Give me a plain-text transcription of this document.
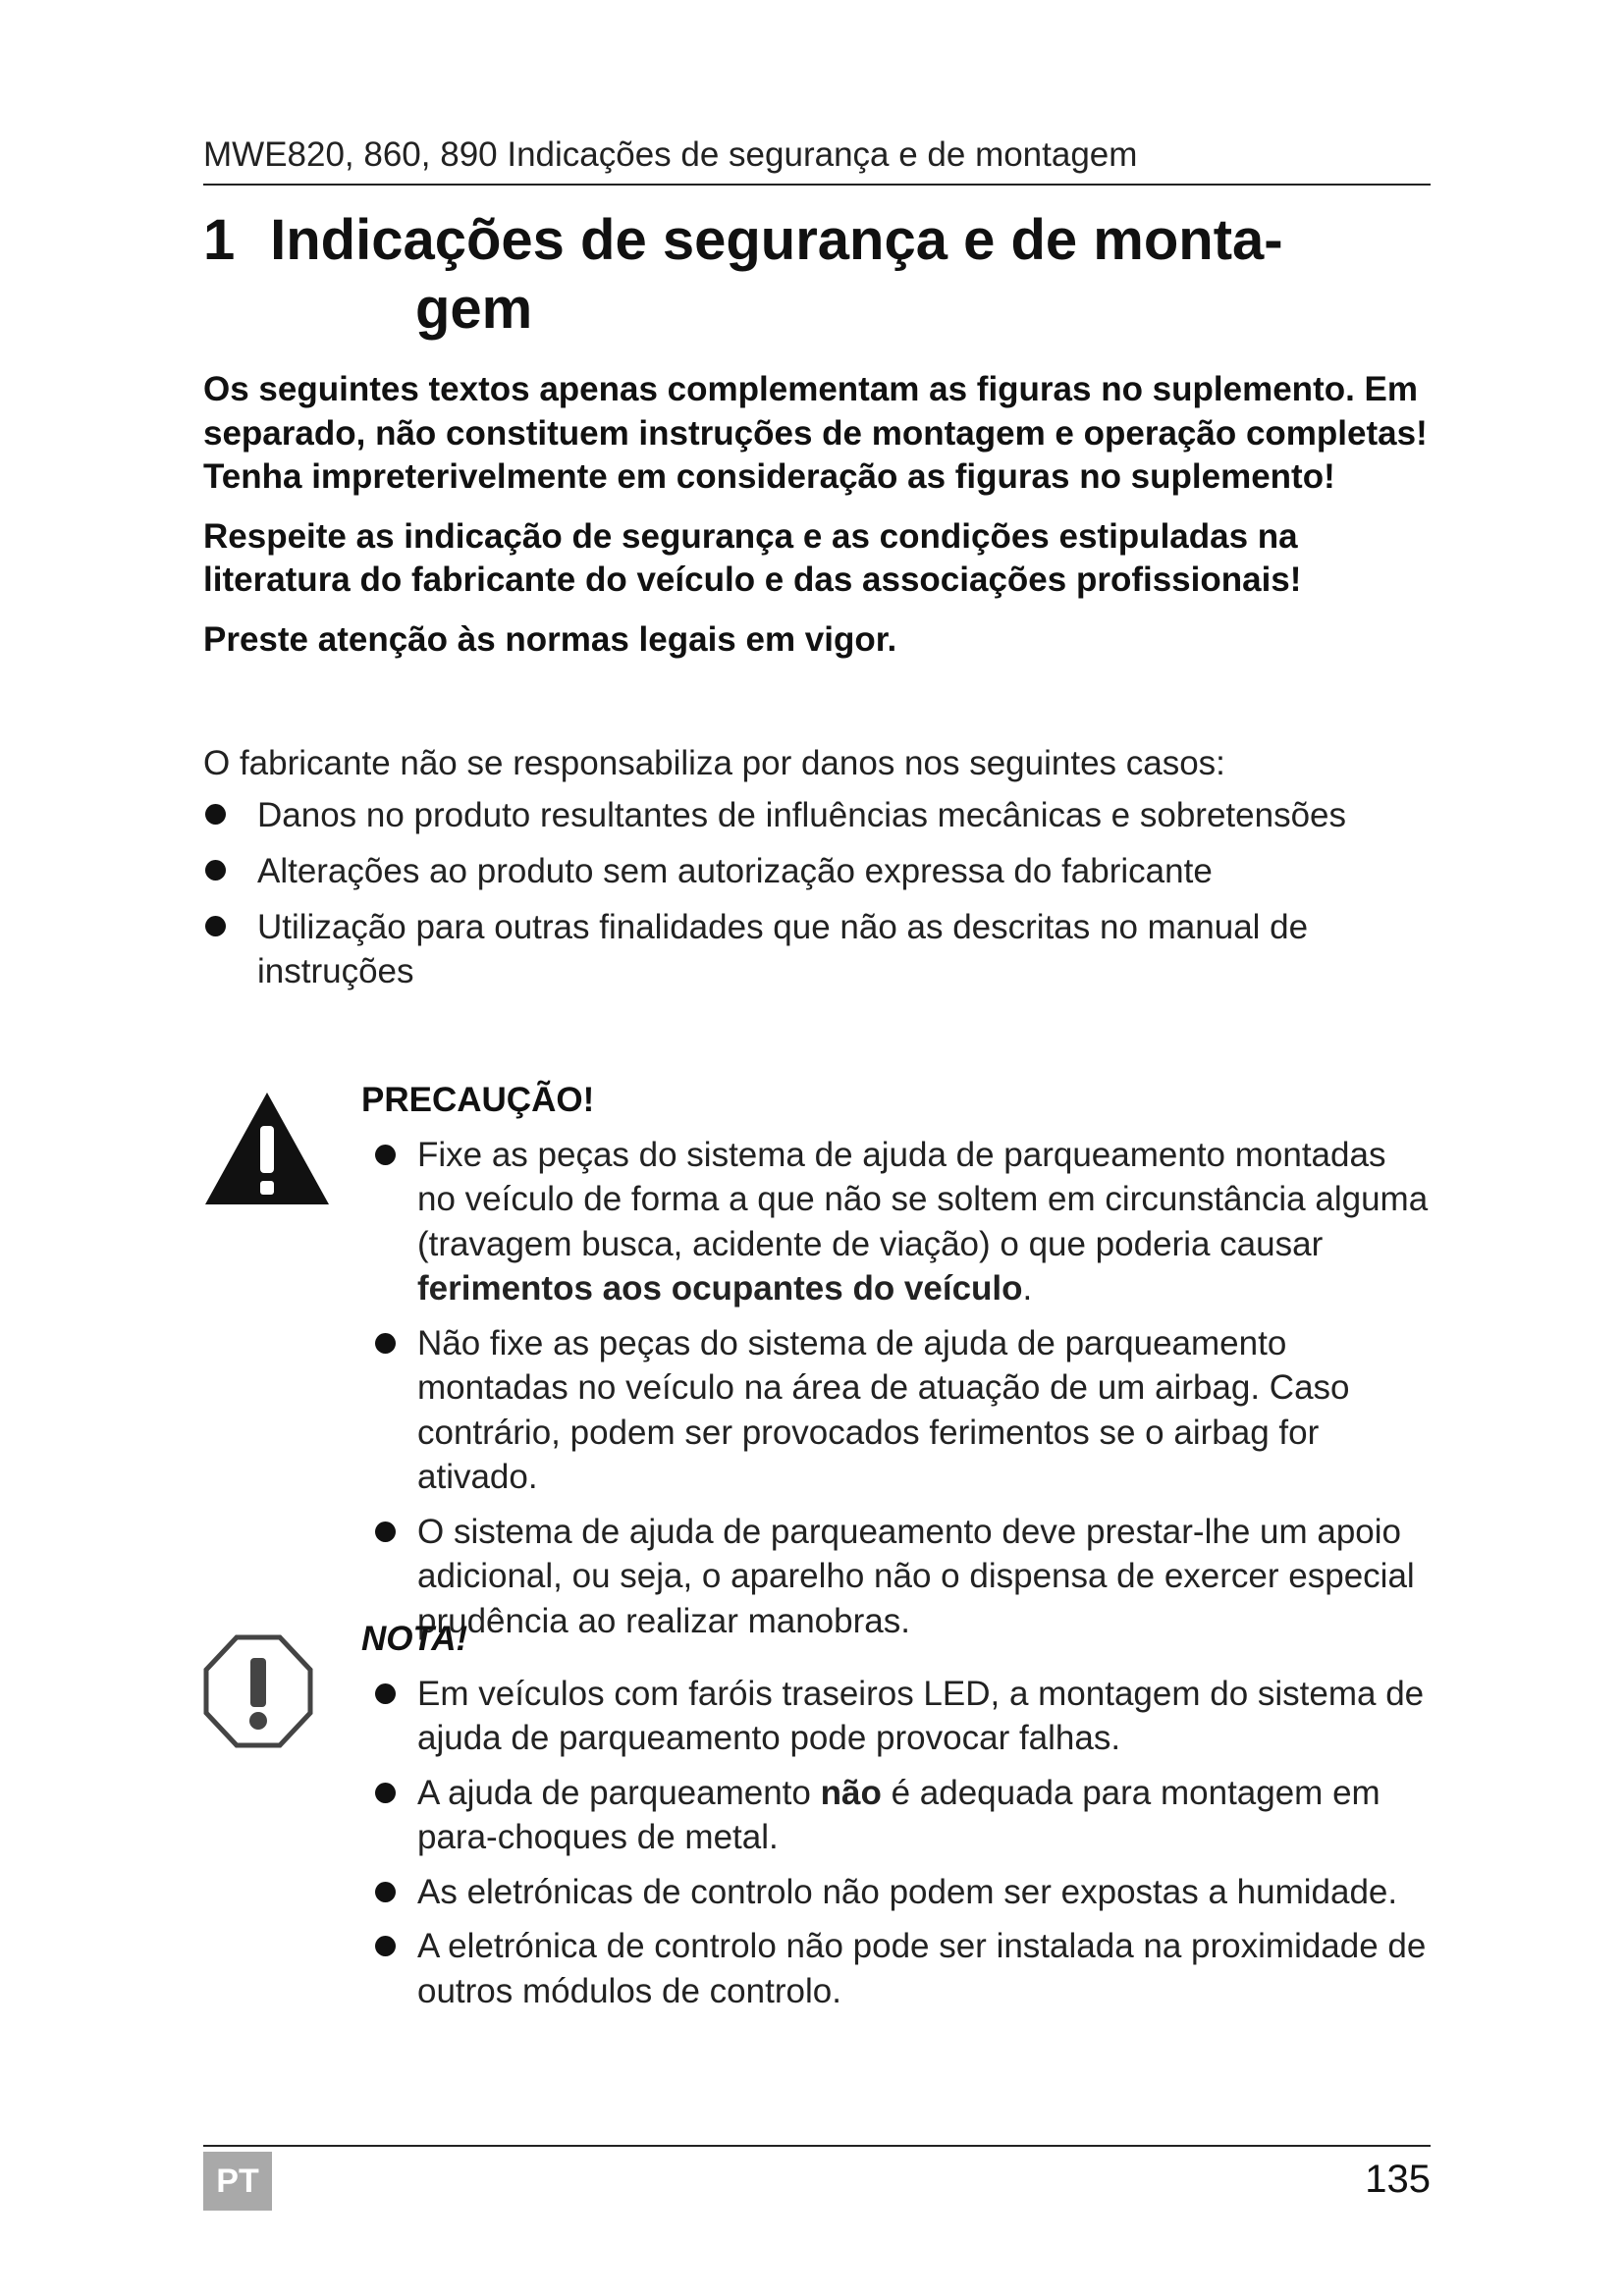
MWE820, 860, 890 Indicações de segurança e de montagem
1 Indicações de segurança e de monta-
gem

Os seguintes textos apenas complementam as figuras no suplemento. Em separado, não constituem instruções de montagem e operação completas! Tenha impreterivelmente em consideração as figuras no suplemento!

Respeite as indicação de segurança e as condições estipuladas na literatura do fabricante do veículo e das associações profissionais!

Preste atenção às normas legais em vigor.

O fabricante não se responsabiliza por danos nos seguintes casos:

Danos no produto resultantes de influências mecânicas e sobretensões
Alterações ao produto sem autorização expressa do fabricante
Utilização para outras finalidades que não as descritas no manual de instruções
PRECAUÇÃO!
Fixe as peças do sistema de ajuda de parqueamento montadas no veículo de forma a que não se soltem em circunstância alguma (travagem busca, acidente de viação) o que poderia causar ferimentos aos ocupantes do veículo.
Não fixe as peças do sistema de ajuda de parqueamento montadas no veículo na área de atuação de um airbag. Caso contrário, podem ser provocados ferimentos se o airbag for ativado.
O sistema de ajuda de parqueamento deve prestar-lhe um apoio adicional, ou seja, o aparelho não o dispensa de exercer especial prudência ao realizar manobras.
NOTA!
Em veículos com faróis traseiros LED, a montagem do sistema de ajuda de parqueamento pode provocar falhas.
A ajuda de parqueamento não é adequada para montagem em para-choques de metal.
As eletrónicas de controlo não podem ser expostas a humidade.
A eletrónica de controlo não pode ser instalada na proximidade de outros módulos de controlo.
PT	135
